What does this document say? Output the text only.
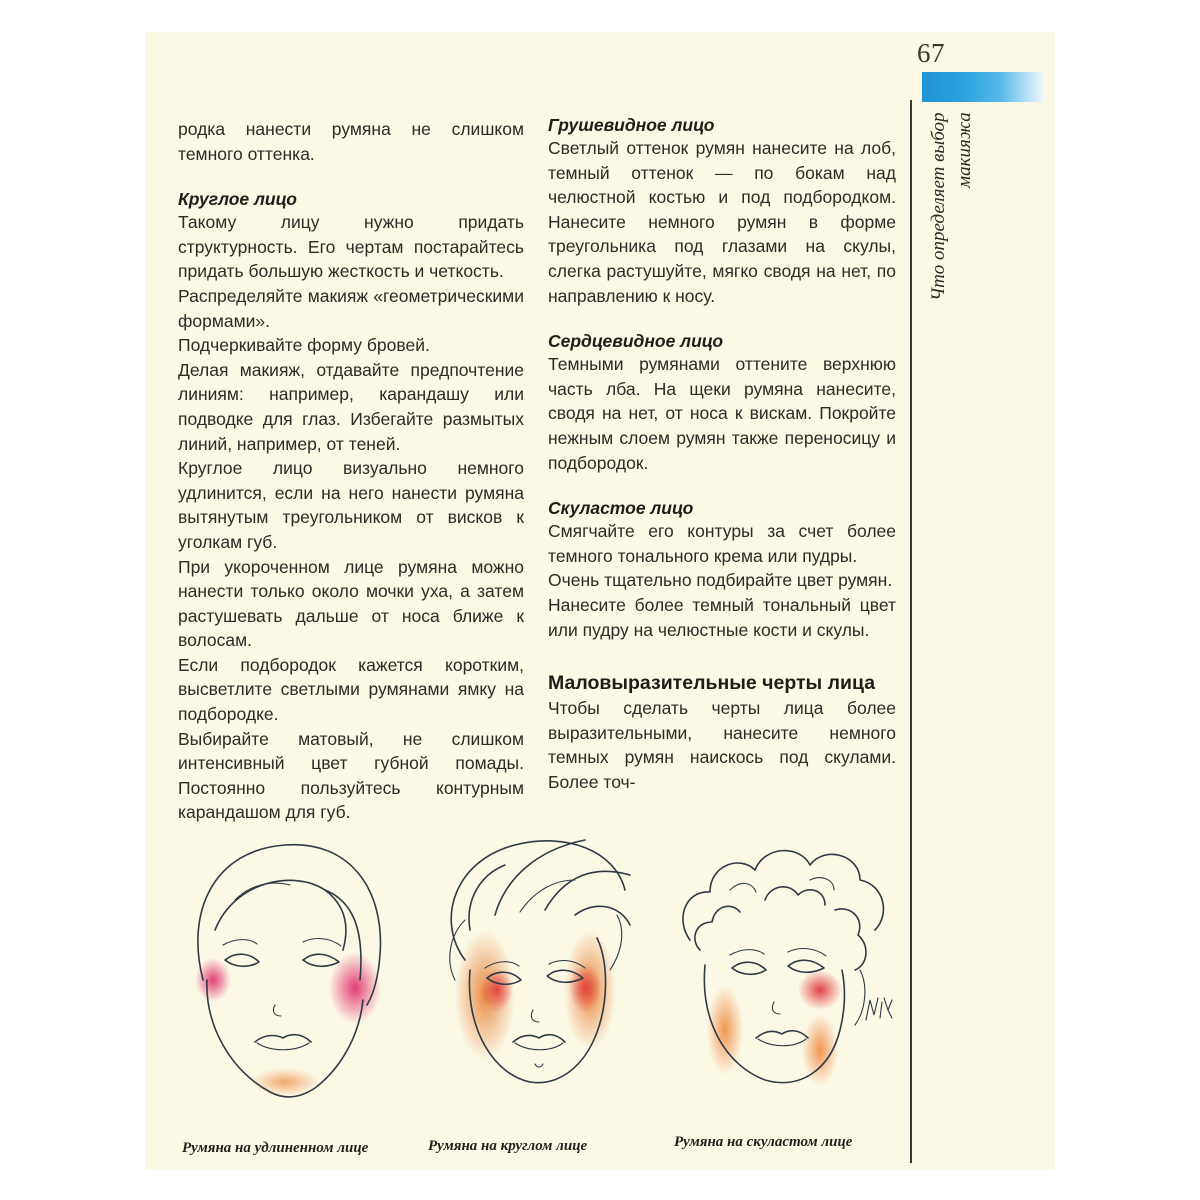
67
Что определяет выбор макияжа

родка нанести румяна не слишком темного оттенка.

Круглое лицо

Такому лицу нужно придать структурность. Его чертам постарайтесь придать большую жесткость и четкость.

Распределяйте макияж «геометрическими формами».

Подчеркивайте форму бровей.

Делая макияж, отдавайте предпочтение линиям: например, карандашу или подводке для глаз. Избегайте размытых линий, например, от теней.

Круглое лицо визуально немного удлинится, если на него нанести румяна вытянутым треугольником от висков к уголкам губ.

При укороченном лице румяна можно нанести только около мочки уха, а затем растушевать дальше от носа ближе к волосам.

Если подбородок кажется коротким, высветлите светлыми румянами ямку на подбородке.

Выбирайте матовый, не слишком интенсивный цвет губной помады. Постоянно пользуйтесь контурным карандашом для губ.

Грушевидное лицо

Светлый оттенок румян нанесите на лоб, темный оттенок — по бокам над челюстной костью и под подбородком. Нанесите немного румян в форме треугольника под глазами на скулы, слегка растушуйте, мягко сводя на нет, по направлению к носу.

Сердцевидное лицо

Темными румянами оттените верхнюю часть лба. На щеки румяна нанесите, сводя на нет, от носа к вискам. Покройте нежным слоем румян также переносицу и подбородок.

Скуластое лицо

Смягчайте его контуры за счет более темного тонального крема или пудры.

Очень тщательно подбирайте цвет румян.

Нанесите более темный тональный цвет или пудру на челюстные кости и скулы.

Маловыразительные черты лица

Чтобы сделать черты лица более выразительными, нанесите немного темных румян наискось под скулами. Более точ-

Румяна на удлиненном лице	Румяна на круглом лице	Румяна на скуластом лице
